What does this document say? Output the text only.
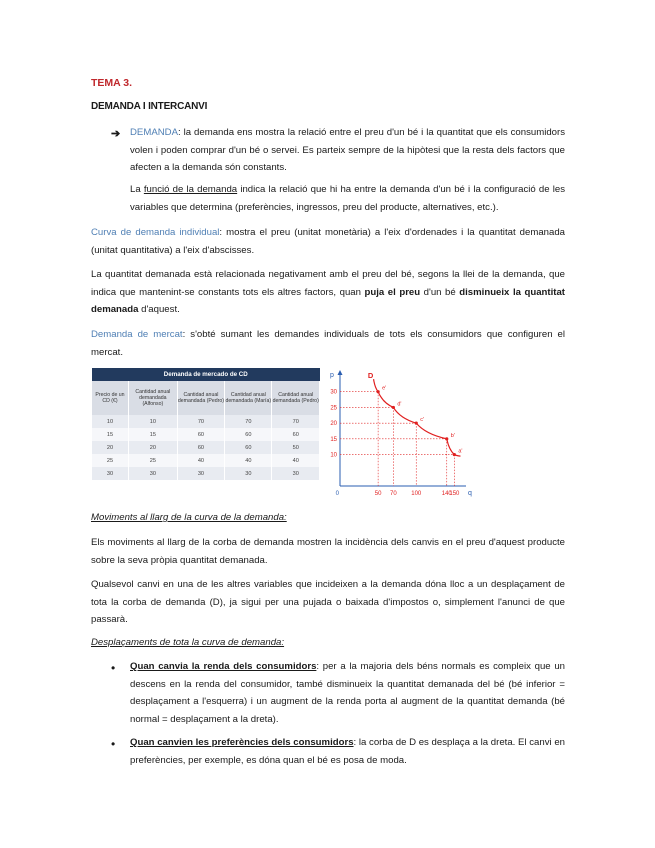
TEMA 3.
DEMANDA I INTERCANVI
➔ DEMANDA: la demanda ens mostra la relació entre el preu d'un bé i la quantitat que els consumidors volen i poden comprar d'un bé o servei. Es parteix sempre de la hipòtesi que la resta dels factors que afecten a la demanda són constants.
La funció de la demanda indica la relació que hi ha entre la demanda d'un bé i la configuració de les variables que determina (preferències, ingressos, preu del producte, alternatives, etc.).
Curva de demanda individual: mostra el preu (unitat monetària) a l'eix d'ordenades i la quantitat demanada (unitat quantitativa) a l'eix d'abscisses.
La quantitat demanada està relacionada negativament amb el preu del bé, segons la llei de la demanda, que indica que mantenint-se constants tots els altres factors, quan puja el preu d'un bé disminueix la quantitat demanada d'aquest.
Demanda de mercat: s'obté sumant les demandes individuals de tots els consumidors que configuren el mercat.
Demanda de mercado de CD				
Precio de un CD (€)	Cantidad anual demandada (Alfonso)	Cantidad anual demandada (Pedro)	Cantidad anual demandada (María)	Cantidad anual demandada (Pedro)
10	10	70	70	70
15	15	60	60	60
20	20	60	60	50
25	25	40	40	40
30	30	30	30	30
p
q
0
10
15
20
25
30
50 70 100	140
150
D
e'
d'
c'
b'
a'
Moviments al llarg de la curva de la demanda:
Els moviments al llarg de la corba de demanda mostren la incidència dels canvis en el preu d'aquest producte sobre la seva pròpia quantitat demanada.
Qualsevol canvi en una de les altres variables que incideixen a la demanda dóna lloc a un desplaçament de tota la corba de demanda (D), ja sigui per una pujada o baixada d'impostos o, simplement l'anunci de que passarà.
Desplaçaments de tota la curva de demanda:
• Quan canvia la renda dels consumidors: per a la majoria dels béns normals es compleix que un descens en la renda del consumidor, també disminueix la quantitat demanada del bé (bé inferior = desplaçament a l'esquerra) i un augment de la renda porta al augment de la quantitat demanda (bé normal = desplaçament a la dreta).
• Quan canvien les preferències dels consumidors: la corba de D es desplaça a la dreta. El canvi en preferències, per exemple, es dóna quan el bé es posa de moda.
